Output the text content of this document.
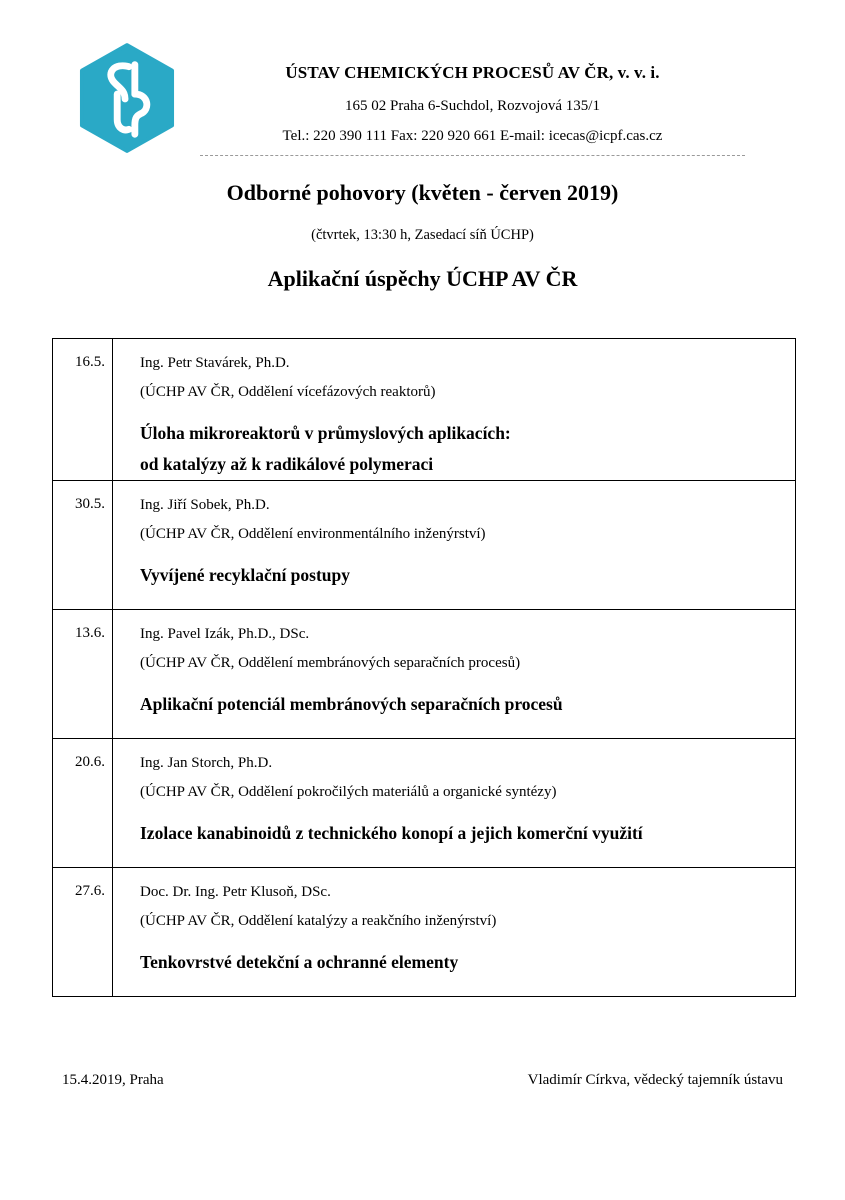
ÚSTAV CHEMICKÝCH PROCESŮ AV ČR, v. v. i.
165 02 Praha 6-Suchdol, Rozvojová 135/1
Tel.: 220 390 111 Fax: 220 920 661 E-mail: icecas@icpf.cas.cz
Odborné pohovory (květen - červen 2019)
(čtvrtek, 13:30 h, Zasedací síň ÚCHP)
Aplikační úspěchy ÚCHP AV ČR
16.5.	Ing. Petr Stavárek, Ph.D.
(ÚCHP AV ČR, Oddělení vícefázových reaktorů)
Úloha mikroreaktorů v průmyslových aplikacích:
od katalýzy až k radikálové polymeraci

30.5.	Ing. Jiří Sobek, Ph.D.
(ÚCHP AV ČR, Oddělení environmentálního inženýrství)
Vyvíjené recyklační postupy

13.6.	Ing. Pavel Izák, Ph.D., DSc.
(ÚCHP AV ČR, Oddělení membránových separačních procesů)
Aplikační potenciál membránových separačních procesů

20.6.	Ing. Jan Storch, Ph.D.
(ÚCHP AV ČR, Oddělení pokročilých materiálů a organické syntézy)
Izolace kanabinoidů z technického konopí a jejich komerční využití

27.6.	Doc. Dr. Ing. Petr Klusoň, DSc.
(ÚCHP AV ČR, Oddělení katalýzy a reakčního inženýrství)
Tenkovrstvé detekční a ochranné elementy
15.4.2019, Praha	Vladimír Církva, vědecký tajemník ústavu
